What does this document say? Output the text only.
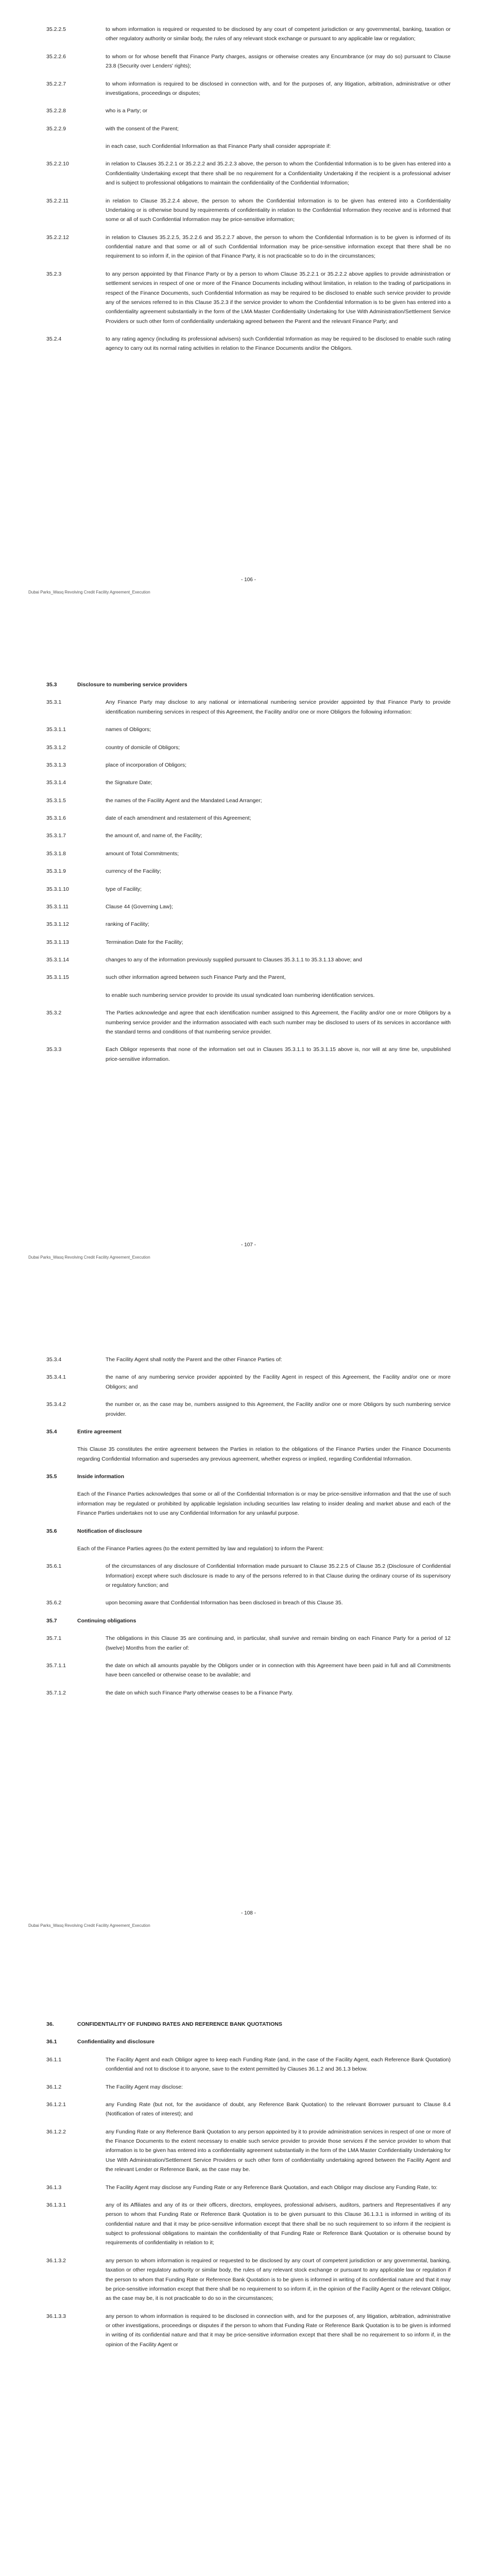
35.2.2.5	to whom information is required or requested to be disclosed by any court of competent jurisdiction or any governmental, banking, taxation or other regulatory authority or similar body, the rules of any relevant stock exchange or pursuant to any applicable law or regulation;
35.2.2.6	to whom or for whose benefit that Finance Party charges, assigns or otherwise creates any Encumbrance (or may do so) pursuant to Clause 23.8 (Security over Lenders' rights);
35.2.2.7	to whom information is required to be disclosed in connection with, and for the purposes of, any litigation, arbitration, administrative or other investigations, proceedings or disputes;
35.2.2.8	who is a Party; or
35.2.2.9	with the consent of the Parent;
in each case, such Confidential Information as that Finance Party shall consider appropriate if:
35.2.2.10	in relation to Clauses 35.2.2.1 or 35.2.2.2 and 35.2.2.3 above, the person to whom the Confidential Information is to be given has entered into a Confidentiality Undertaking except that there shall be no requirement for a Confidentiality Undertaking if the recipient is a professional adviser and is subject to professional obligations to maintain the confidentiality of the Confidential Information;
35.2.2.11	in relation to Clause 35.2.2.4 above, the person to whom the Confidential Information is to be given has entered into a Confidentiality Undertaking or is otherwise bound by requirements of confidentiality in relation to the Confidential Information they receive and is informed that some or all of such Confidential Information may be price-sensitive information;
35.2.2.12	in relation to Clauses 35.2.2.5, 35.2.2.6 and 35.2.2.7 above, the person to whom the Confidential Information is to be given is informed of its confidential nature and that some or all of such Confidential Information may be price-sensitive information except that there shall be no requirement to so inform if, in the opinion of that Finance Party, it is not practicable so to do in the circumstances;
35.2.3	to any person appointed by that Finance Party or by a person to whom Clause 35.2.2.1 or 35.2.2.2 above applies to provide administration or settlement services in respect of one or more of the Finance Documents including without limitation, in relation to the trading of participations in respect of the Finance Documents, such Confidential Information as may be required to be disclosed to enable such service provider to provide any of the services referred to in this Clause 35.2.3 if the service provider to whom the Confidential Information is to be given has entered into a confidentiality agreement substantially in the form of the LMA Master Confidentiality Undertaking for Use With Administration/Settlement Service Providers or such other form of confidentiality undertaking agreed between the Parent and the relevant Finance Party; and
35.2.4	to any rating agency (including its professional advisers) such Confidential Information as may be required to be disclosed to enable such rating agency to carry out its normal rating activities in relation to the Finance Documents and/or the Obligors.
- 106 -
Dubai Parks_Wasq Revolving Credit Facility Agreement_Execution
35.3	Disclosure to numbering service providers
35.3.1	Any Finance Party may disclose to any national or international numbering service provider appointed by that Finance Party to provide identification numbering services in respect of this Agreement, the Facility and/or one or more Obligors the following information:
35.3.1.1	names of Obligors;
35.3.1.2	country of domicile of Obligors;
35.3.1.3	place of incorporation of Obligors;
35.3.1.4	the Signature Date;
35.3.1.5	the names of the Facility Agent and the Mandated Lead Arranger;
35.3.1.6	date of each amendment and restatement of this Agreement;
35.3.1.7	the amount of, and name of, the Facility;
35.3.1.8	amount of Total Commitments;
35.3.1.9	currency of the Facility;
35.3.1.10	type of Facility;
35.3.1.11	Clause 44 (Governing Law);
35.3.1.12	ranking of Facility;
35.3.1.13	Termination Date for the Facility;
35.3.1.14	changes to any of the information previously supplied pursuant to Clauses 35.3.1.1 to 35.3.1.13 above; and
35.3.1.15	such other information agreed between such Finance Party and the Parent,
to enable such numbering service provider to provide its usual syndicated loan numbering identification services.
35.3.2	The Parties acknowledge and agree that each identification number assigned to this Agreement, the Facility and/or one or more Obligors by a numbering service provider and the information associated with each such number may be disclosed to users of its services in accordance with the standard terms and conditions of that numbering service provider.
35.3.3	Each Obligor represents that none of the information set out in Clauses 35.3.1.1 to 35.3.1.15 above is, nor will at any time be, unpublished price-sensitive information.
- 107 -
Dubai Parks_Wasq Revolving Credit Facility Agreement_Execution
35.3.4	The Facility Agent shall notify the Parent and the other Finance Parties of:
35.3.4.1	the name of any numbering service provider appointed by the Facility Agent in respect of this Agreement, the Facility and/or one or more Obligors; and
35.3.4.2	the number or, as the case may be, numbers assigned to this Agreement, the Facility and/or one or more Obligors by such numbering service provider.
35.4	Entire agreement
This Clause 35 constitutes the entire agreement between the Parties in relation to the obligations of the Finance Parties under the Finance Documents regarding Confidential Information and supersedes any previous agreement, whether express or implied, regarding Confidential Information.
35.5	Inside information
Each of the Finance Parties acknowledges that some or all of the Confidential Information is or may be price-sensitive information and that the use of such information may be regulated or prohibited by applicable legislation including securities law relating to insider dealing and market abuse and each of the Finance Parties undertakes not to use any Confidential Information for any unlawful purpose.
35.6	Notification of disclosure
Each of the Finance Parties agrees (to the extent permitted by law and regulation) to inform the Parent:
35.6.1	of the circumstances of any disclosure of Confidential Information made pursuant to Clause 35.2.2.5 of Clause 35.2 (Disclosure of Confidential Information) except where such disclosure is made to any of the persons referred to in that Clause during the ordinary course of its supervisory or regulatory function; and
35.6.2	upon becoming aware that Confidential Information has been disclosed in breach of this Clause 35.
35.7	Continuing obligations
35.7.1	The obligations in this Clause 35 are continuing and, in particular, shall survive and remain binding on each Finance Party for a period of 12 (twelve) Months from the earlier of:
35.7.1.1	the date on which all amounts payable by the Obligors under or in connection with this Agreement have been paid in full and all Commitments have been cancelled or otherwise cease to be available; and
35.7.1.2	the date on which such Finance Party otherwise ceases to be a Finance Party.
- 108 -
Dubai Parks_Wasq Revolving Credit Facility Agreement_Execution
36.	CONFIDENTIALITY OF FUNDING RATES AND REFERENCE BANK QUOTATIONS
36.1	Confidentiality and disclosure
36.1.1	The Facility Agent and each Obligor agree to keep each Funding Rate (and, in the case of the Facility Agent, each Reference Bank Quotation) confidential and not to disclose it to anyone, save to the extent permitted by Clauses 36.1.2 and 36.1.3 below.
36.1.2	The Facility Agent may disclose:
36.1.2.1	any Funding Rate (but not, for the avoidance of doubt, any Reference Bank Quotation) to the relevant Borrower pursuant to Clause 8.4 (Notification of rates of interest); and
36.1.2.2	any Funding Rate or any Reference Bank Quotation to any person appointed by it to provide administration services in respect of one or more of the Finance Documents to the extent necessary to enable such service provider to provide those services if the service provider to whom that information is to be given has entered into a confidentiality agreement substantially in the form of the LMA Master Confidentiality Undertaking for Use With Administration/Settlement Service Providers or such other form of confidentiality undertaking agreed between the Facility Agent and the relevant Lender or Reference Bank, as the case may be.
36.1.3	The Facility Agent may disclose any Funding Rate or any Reference Bank Quotation, and each Obligor may disclose any Funding Rate, to:
36.1.3.1	any of its Affiliates and any of its or their officers, directors, employees, professional advisers, auditors, partners and Representatives if any person to whom that Funding Rate or Reference Bank Quotation is to be given pursuant to this Clause 36.1.3.1 is informed in writing of its confidential nature and that it may be price-sensitive information except that there shall be no such requirement to so inform if the recipient is subject to professional obligations to maintain the confidentiality of that Funding Rate or Reference Bank Quotation or is otherwise bound by requirements of confidentiality in relation to it;
36.1.3.2	any person to whom information is required or requested to be disclosed by any court of competent jurisdiction or any governmental, banking, taxation or other regulatory authority or similar body, the rules of any relevant stock exchange or pursuant to any applicable law or regulation if the person to whom that Funding Rate or Reference Bank Quotation is to be given is informed in writing of its confidential nature and that it may be price-sensitive information except that there shall be no requirement to so inform if, in the opinion of the Facility Agent or the relevant Obligor, as the case may be, it is not practicable to do so in the circumstances;
36.1.3.3	any person to whom information is required to be disclosed in connection with, and for the purposes of, any litigation, arbitration, administrative or other investigations, proceedings or disputes if the person to whom that Funding Rate or Reference Bank Quotation is to be given is informed in writing of its confidential nature and that it may be price-sensitive information except that there shall be no requirement to so inform if, in the opinion of the Facility Agent or
